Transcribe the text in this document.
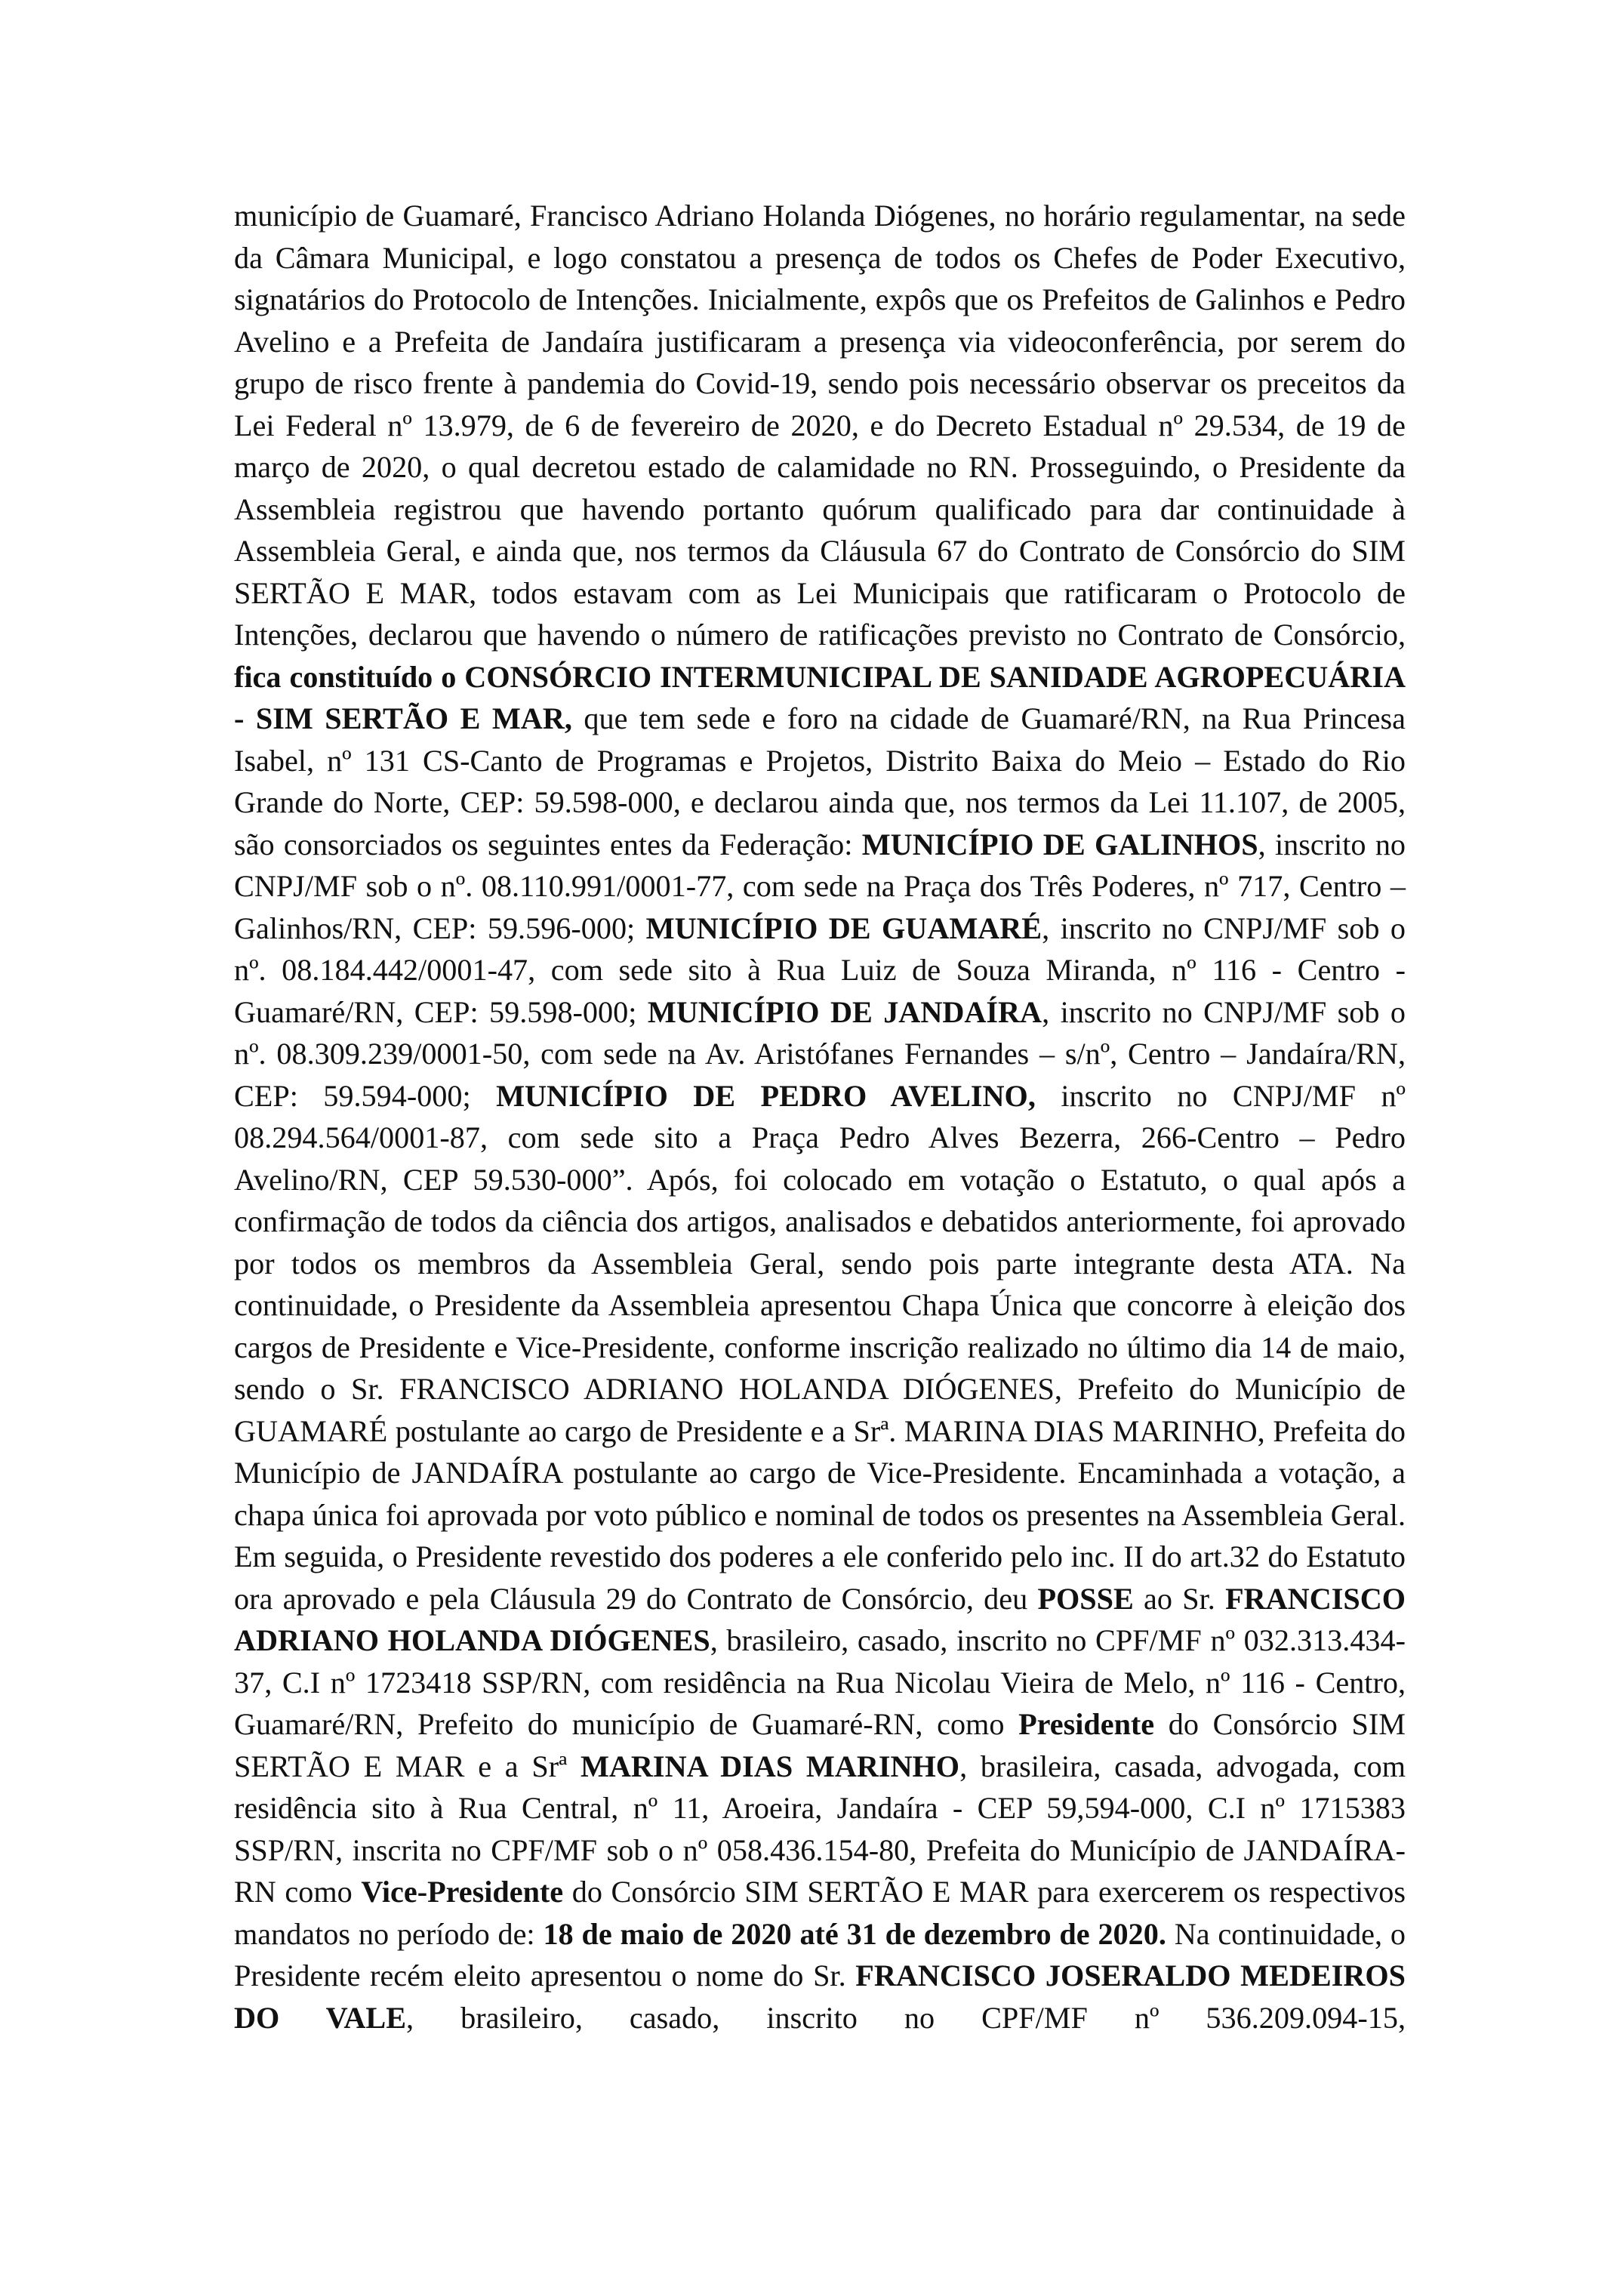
município de Guamaré, Francisco Adriano Holanda Diógenes, no horário regulamentar, na sede da Câmara Municipal, e logo constatou a presença de todos os Chefes de Poder Executivo, signatários do Protocolo de Intenções. Inicialmente, expôs que os Prefeitos de Galinhos e Pedro Avelino e a Prefeita de Jandaíra justificaram a presença via videoconferência, por serem do grupo de risco frente à pandemia do Covid-19, sendo pois necessário observar os preceitos da Lei Federal nº 13.979, de 6 de fevereiro de 2020, e do Decreto Estadual nº 29.534, de 19 de março de 2020, o qual decretou estado de calamidade no RN. Prosseguindo, o Presidente da Assembleia registrou que havendo portanto quórum qualificado para dar continuidade à Assembleia Geral, e ainda que, nos termos da Cláusula 67 do Contrato de Consórcio do SIM SERTÃO E MAR, todos estavam com as Lei Municipais que ratificaram o Protocolo de Intenções, declarou que havendo o número de ratificações previsto no Contrato de Consórcio, fica constituído o CONSÓRCIO INTERMUNICIPAL DE SANIDADE AGROPECUÁRIA - SIM SERTÃO E MAR, que tem sede e foro na cidade de Guamaré/RN, na Rua Princesa Isabel, nº 131 CS-Canto de Programas e Projetos, Distrito Baixa do Meio – Estado do Rio Grande do Norte, CEP: 59.598-000, e declarou ainda que, nos termos da Lei 11.107, de 2005, são consorciados os seguintes entes da Federação: MUNICÍPIO DE GALINHOS, inscrito no CNPJ/MF sob o nº. 08.110.991/0001-77, com sede na Praça dos Três Poderes, nº 717, Centro – Galinhos/RN, CEP: 59.596-000; MUNICÍPIO DE GUAMARÉ, inscrito no CNPJ/MF sob o nº. 08.184.442/0001-47, com sede sito à Rua Luiz de Souza Miranda, nº 116 - Centro - Guamaré/RN, CEP: 59.598-000; MUNICÍPIO DE JANDAÍRA, inscrito no CNPJ/MF sob o nº. 08.309.239/0001-50, com sede na Av. Aristófanes Fernandes – s/nº, Centro – Jandaíra/RN, CEP: 59.594-000; MUNICÍPIO DE PEDRO AVELINO, inscrito no CNPJ/MF nº 08.294.564/0001-87, com sede sito a Praça Pedro Alves Bezerra, 266-Centro – Pedro Avelino/RN, CEP 59.530-000”. Após, foi colocado em votação o Estatuto, o qual após a confirmação de todos da ciência dos artigos, analisados e debatidos anteriormente, foi aprovado por todos os membros da Assembleia Geral, sendo pois parte integrante desta ATA. Na continuidade, o Presidente da Assembleia apresentou Chapa Única que concorre à eleição dos cargos de Presidente e Vice-Presidente, conforme inscrição realizado no último dia 14 de maio, sendo o Sr. FRANCISCO ADRIANO HOLANDA DIÓGENES, Prefeito do Município de GUAMARÉ postulante ao cargo de Presidente e a Srª. MARINA DIAS MARINHO, Prefeita do Município de JANDAÍRA postulante ao cargo de Vice-Presidente. Encaminhada a votação, a chapa única foi aprovada por voto público e nominal de todos os presentes na Assembleia Geral. Em seguida, o Presidente revestido dos poderes a ele conferido pelo inc. II do art.32 do Estatuto ora aprovado e pela Cláusula 29 do Contrato de Consórcio, deu POSSE ao Sr. FRANCISCO ADRIANO HOLANDA DIÓGENES, brasileiro, casado, inscrito no CPF/MF nº 032.313.434-37, C.I nº 1723418 SSP/RN, com residência na Rua Nicolau Vieira de Melo, nº 116 - Centro, Guamaré/RN, Prefeito do município de Guamaré-RN, como Presidente do Consórcio SIM SERTÃO E MAR e a Srª MARINA DIAS MARINHO, brasileira, casada, advogada, com residência sito à Rua Central, nº 11, Aroeira, Jandaíra - CEP 59,594-000, C.I nº 1715383 SSP/RN, inscrita no CPF/MF sob o nº 058.436.154-80, Prefeita do Município de JANDAÍRA-RN como Vice-Presidente do Consórcio SIM SERTÃO E MAR para exercerem os respectivos mandatos no período de: 18 de maio de 2020 até 31 de dezembro de 2020. Na continuidade, o Presidente recém eleito apresentou o nome do Sr. FRANCISCO JOSERALDO MEDEIROS DO VALE, brasileiro, casado, inscrito no CPF/MF nº 536.209.094-15,
